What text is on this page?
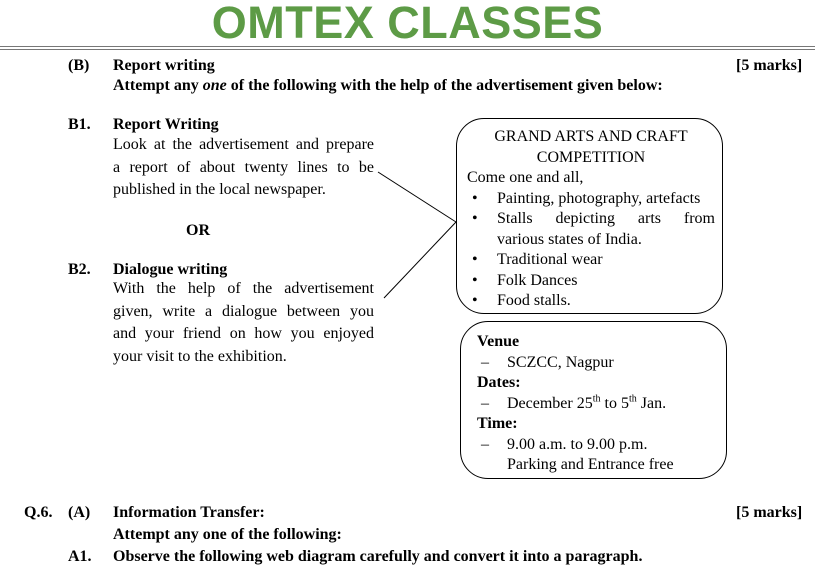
OMTEX CLASSES
(B) Report writing	[5 marks]
Attempt any one of the following with the help of the advertisement given below:
B1. Report Writing
Look at the advertisement and prepare
a report of about twenty lines to be
published in the local newspaper.
OR
B2. Dialogue writing
With the help of the advertisement
given, write a dialogue between you
and your friend on how you enjoyed
your visit to the exhibition.
GRAND ARTS AND CRAFT
COMPETITION
Come one and all,
• Painting, photography, artefacts
• Stalls depicting arts from
various states of India.
• Traditional wear
• Folk Dances
• Food stalls.
Venue
– SCZCC, Nagpur
Dates:
– December 25th to 5th Jan.
Time:
– 9.00 a.m. to 9.00 p.m.
Parking and Entrance free
Q.6. (A) Information Transfer:	[5 marks]
Attempt any one of the following:
A1. Observe the following web diagram carefully and convert it into a paragraph.
